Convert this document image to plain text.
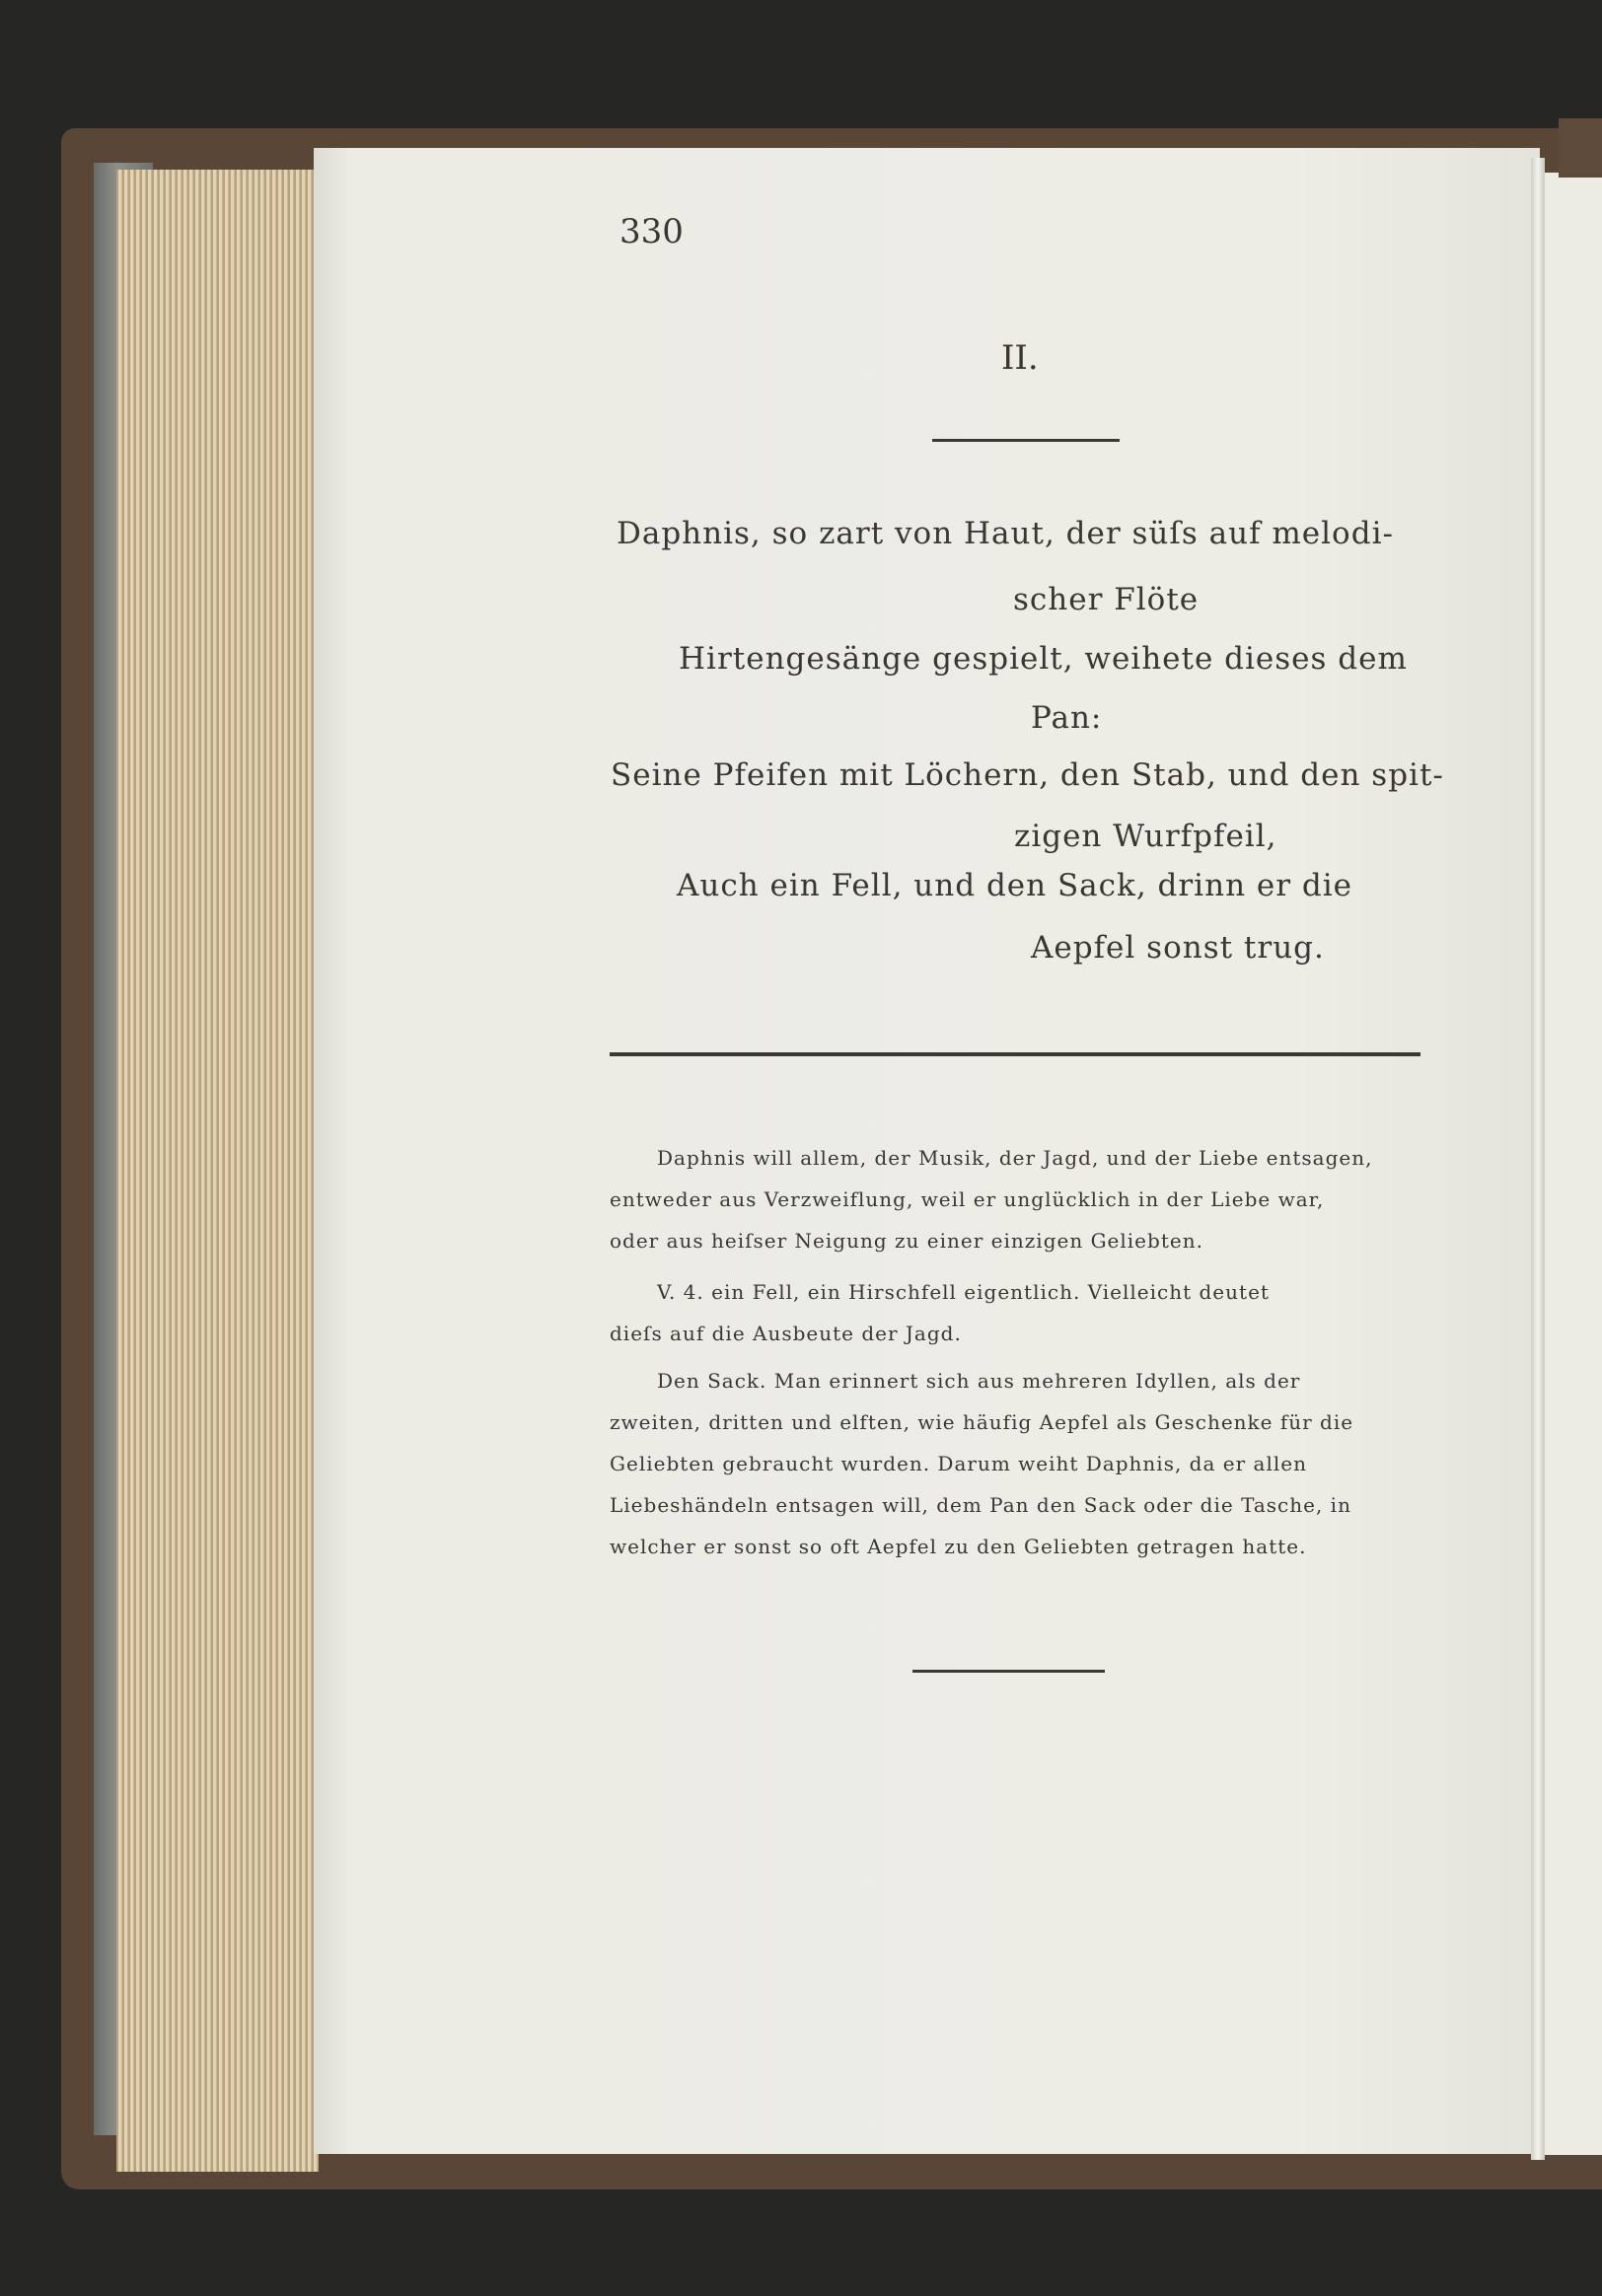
330
II.
Daphnis, so zart von Haut, der süſs auf melodi-
scher Flöte
Hirtengesänge gespielt, weihete dieses dem
Pan:
Seine Pfeifen mit Löchern, den Stab, und den spit-
zigen Wurfpfeil,
Auch ein Fell, und den Sack, drinn er die
Aepfel sonst trug.
Daphnis will allem, der Musik, der Jagd, und der Liebe entsagen,
entweder aus Verzweiflung, weil er unglücklich in der Liebe war,
oder aus heiſser Neigung zu einer einzigen Geliebten.
V. 4. ein Fell, ein Hirschfell eigentlich. Vielleicht deutet
dieſs auf die Ausbeute der Jagd.
Den Sack. Man erinnert sich aus mehreren Idyllen, als der
zweiten, dritten und elften, wie häufig Aepfel als Geschenke für die
Geliebten gebraucht wurden. Darum weiht Daphnis, da er allen
Liebeshändeln entsagen will, dem Pan den Sack oder die Tasche, in
welcher er sonst so oft Aepfel zu den Geliebten getragen hatte.
